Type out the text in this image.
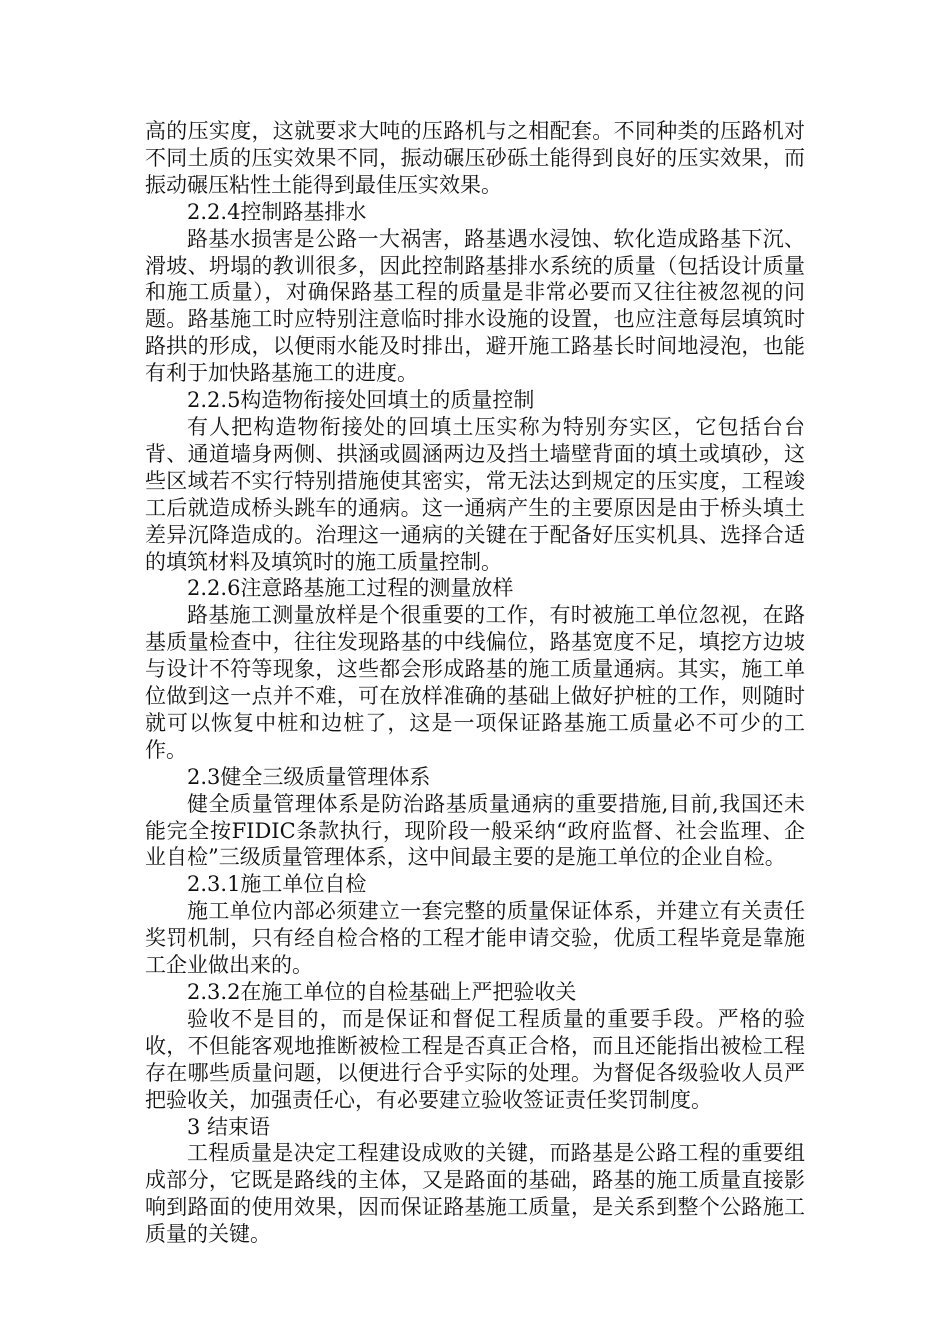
高的压实度，这就要求大吨的压路机与之相配套。不同种类的压路机对不同土质的压实效果不同，振动碾压砂砾土能得到良好的压实效果，而振动碾压粘性土能得到最佳压实效果。

2.2.4控制路基排水

路基水损害是公路一大祸害，路基遇水浸蚀、软化造成路基下沉、滑坡、坍塌的教训很多，因此控制路基排水系统的质量（包括设计质量和施工质量），对确保路基工程的质量是非常必要而又往往被忽视的问题。路基施工时应特别注意临时排水设施的设置，也应注意每层填筑时路拱的形成，以便雨水能及时排出，避开施工路基长时间地浸泡，也能有利于加快路基施工的进度。

2.2.5构造物衔接处回填土的质量控制

有人把构造物衔接处的回填土压实称为特别夯实区，它包括台台背、通道墙身两侧、拱涵或圆涵两边及挡土墙壁背面的填土或填砂，这些区域若不实行特别措施使其密实，常无法达到规定的压实度，工程竣工后就造成桥头跳车的通病。这一通病产生的主要原因是由于桥头填土差异沉降造成的。治理这一通病的关键在于配备好压实机具、选择合适的填筑材料及填筑时的施工质量控制。

2.2.6注意路基施工过程的测量放样

路基施工测量放样是个很重要的工作，有时被施工单位忽视，在路基质量检查中，往往发现路基的中线偏位，路基宽度不足，填挖方边坡与设计不符等现象，这些都会形成路基的施工质量通病。其实，施工单位做到这一点并不难，可在放样准确的基础上做好护桩的工作，则随时就可以恢复中桩和边桩了，这是一项保证路基施工质量必不可少的工作。

2.3健全三级质量管理体系

健全质量管理体系是防治路基质量通病的重要措施,目前,我国还未能完全按FIDIC条款执行，现阶段一般采纳“政府监督、社会监理、企业自检”三级质量管理体系，这中间最主要的是施工单位的企业自检。

2.3.1施工单位自检

施工单位内部必须建立一套完整的质量保证体系，并建立有关责任奖罚机制，只有经自检合格的工程才能申请交验，优质工程毕竟是靠施工企业做出来的。

2.3.2在施工单位的自检基础上严把验收关

验收不是目的，而是保证和督促工程质量的重要手段。严格的验收，不但能客观地推断被检工程是否真正合格，而且还能指出被检工程存在哪些质量问题，以便进行合乎实际的处理。为督促各级验收人员严把验收关，加强责任心，有必要建立验收签证责任奖罚制度。

3 结束语

工程质量是决定工程建设成败的关键，而路基是公路工程的重要组成部分，它既是路线的主体，又是路面的基础，路基的施工质量直接影响到路面的使用效果，因而保证路基施工质量，是关系到整个公路施工质量的关键。
